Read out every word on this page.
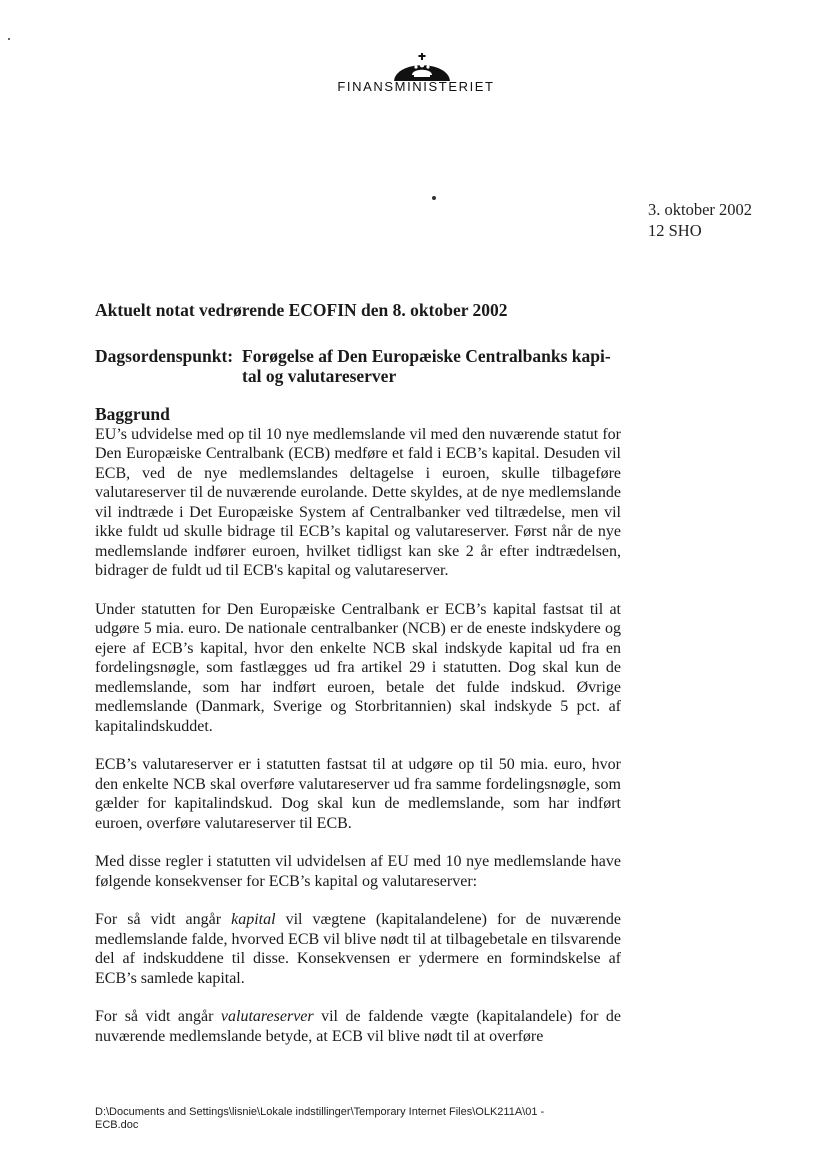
FINANSMINISTERIET
3. oktober 2002
12 SHO
Aktuelt notat vedrørende ECOFIN den 8. oktober 2002
Dagsordenspunkt: Forøgelse af Den Europæiske Centralbanks kapi-
tal og valutareserver
Baggrund

EU’s udvidelse med op til 10 nye medlemslande vil med den nuværende statut for Den Europæiske Centralbank (ECB) medføre et fald i ECB’s kapital. Desuden vil ECB, ved de nye medlemslandes deltagelse i euroen, skulle tilbageføre valutareserver til de nuværende eurolande. Dette skyldes, at de nye medlemslande vil indtræde i Det Europæiske System af Centralbanker ved tiltrædelse, men vil ikke fuldt ud skulle bidrage til ECB’s kapital og valutareserver. Først når de nye medlemslande indfører euroen, hvilket tidligst kan ske 2 år efter indtrædelsen, bidrager de fuldt ud til ECB's kapital og valutareserver.

Under statutten for Den Europæiske Centralbank er ECB’s kapital fastsat til at udgøre 5 mia. euro. De nationale centralbanker (NCB) er de eneste indskydere og ejere af ECB’s kapital, hvor den enkelte NCB skal indskyde kapital ud fra en fordelingsnøgle, som fastlægges ud fra artikel 29 i statutten. Dog skal kun de medlemslande, som har indført euroen, betale det fulde indskud. Øvrige medlemslande (Danmark, Sverige og Storbritannien) skal indskyde 5 pct. af kapitalindskuddet.

ECB’s valutareserver er i statutten fastsat til at udgøre op til 50 mia. euro, hvor den enkelte NCB skal overføre valutareserver ud fra samme fordelingsnøgle, som gælder for kapitalindskud. Dog skal kun de medlemslande, som har indført euroen, overføre valutareserver til ECB.

Med disse regler i statutten vil udvidelsen af EU med 10 nye medlemslande have følgende konsekvenser for ECB’s kapital og valutareserver:

For så vidt angår kapital vil vægtene (kapitalandelene) for de nuværende medlemslande falde, hvorved ECB vil blive nødt til at tilbagebetale en tilsvarende del af indskuddene til disse. Konsekvensen er ydermere en formindskelse af ECB’s samlede kapital.

For så vidt angår valutareserver vil de faldende vægte (kapitalandele) for de nuværende medlemslande betyde, at ECB vil blive nødt til at overføre

D:\Documents and Settings\lisnie\Lokale indstillinger\Temporary Internet Files\OLK211A\01 -
ECB.doc
